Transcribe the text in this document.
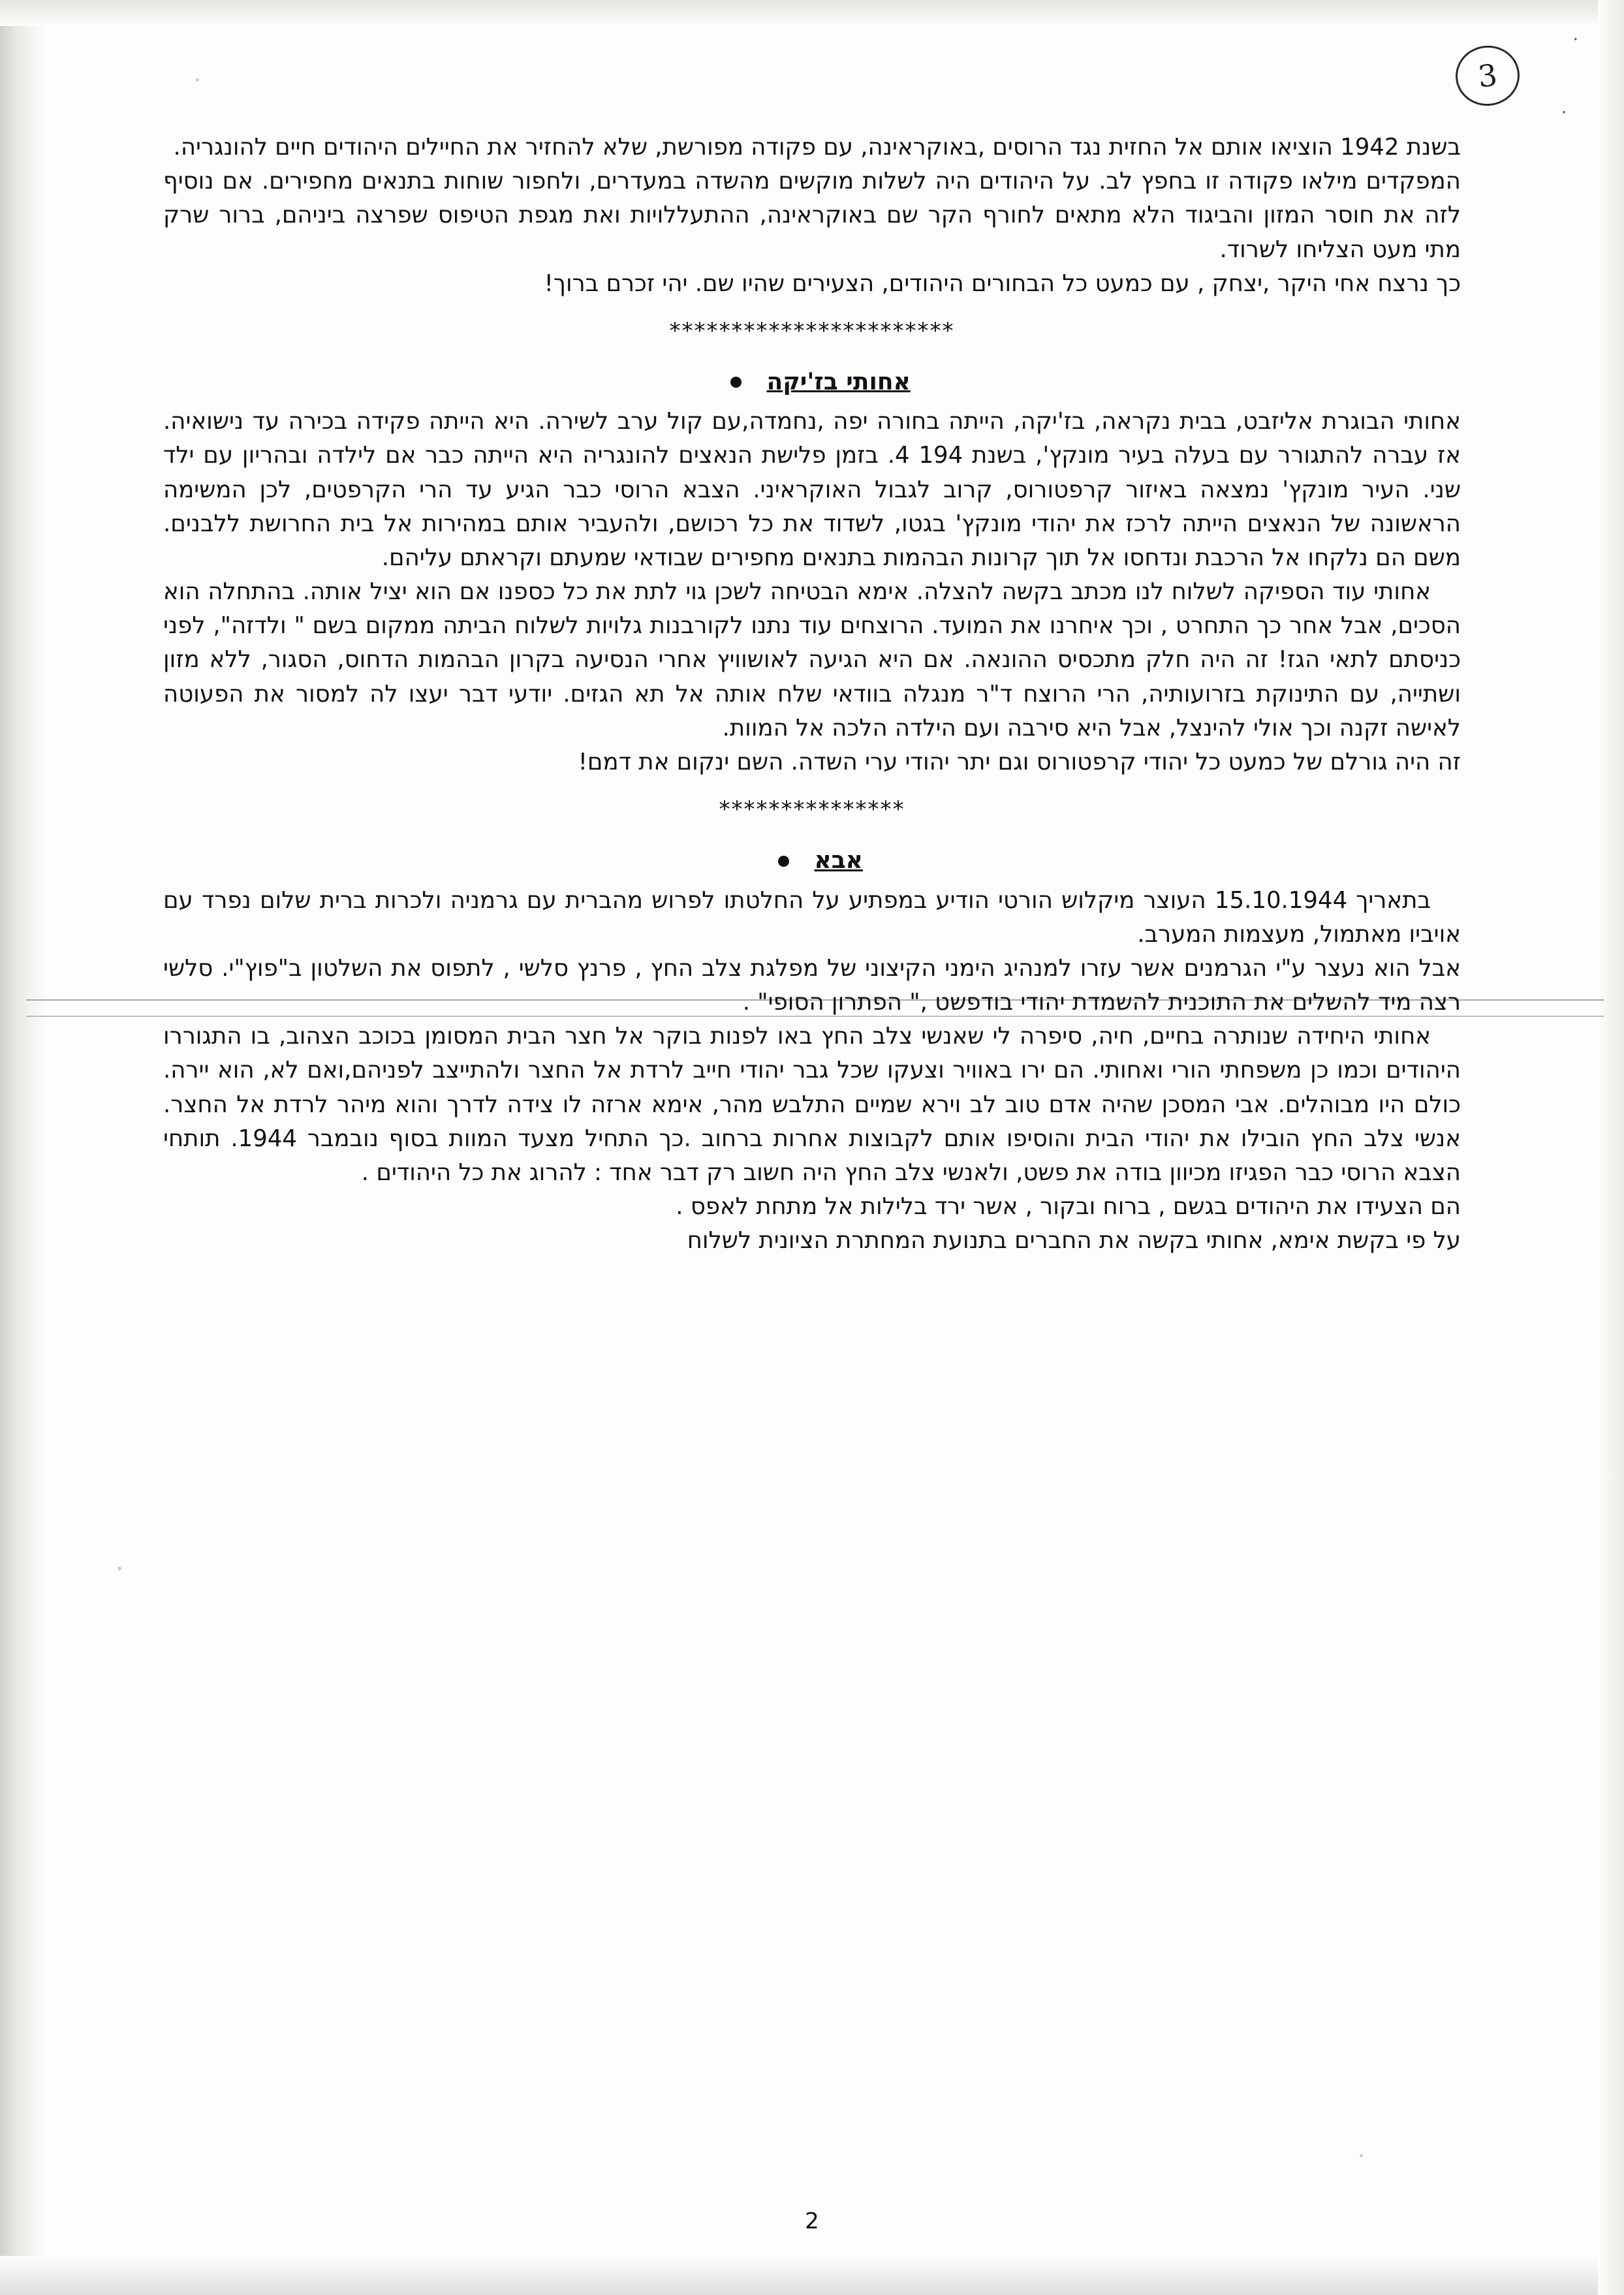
·
·
3

בשנת 1942 הוציאו אותם אל החזית נגד הרוסים ,באוקראינה, עם פקודה מפורשת, שלא להחזיר את החיילים היהודים חיים להונגריה.

המפקדים מילאו פקודה זו בחפץ לב. על היהודים היה לשלות מוקשים מהשדה במעדרים, ולחפור שוחות בתנאים מחפירים. אם נוסיף לזה את חוסר המזון והביגוד הלא מתאים לחורף הקר שם באוקראינה, ההתעללויות ואת מגפת הטיפוס שפרצה ביניהם, ברור שרק מתי מעט הצליחו לשרוד.

כך נרצח אחי היקר ,יצחק , עם כמעט כל הבחורים היהודים, הצעירים שהיו שם. יהי זכרם ברוך!

***********************
אחותי בז'יקה

אחותי הבוגרת אליזבט, בבית נקראה, בז'יקה, הייתה בחורה יפה ,נחמדה,עם קול ערב לשירה. היא הייתה פקידה בכירה עד נישואיה. אז עברה להתגורר עם בעלה בעיר מונקץ', בשנת 194 4. בזמן פלישת הנאצים להונגריה היא הייתה כבר אם לילדה ובהריון עם ילד שני. העיר מונקץ' נמצאה באיזור קרפטורוס, קרוב לגבול האוקראיני. הצבא הרוסי כבר הגיע עד הרי הקרפטים, לכן המשימה הראשונה של הנאצים הייתה לרכז את יהודי מונקץ' בגטו, לשדוד את כל רכושם, ולהעביר אותם במהירות אל בית החרושת ללבנים. משם הם נלקחו אל הרכבת ונדחסו אל תוך קרונות הבהמות בתנאים מחפירים שבודאי שמעתם וקראתם עליהם.

אחותי עוד הספיקה לשלוח לנו מכתב בקשה להצלה. אימא הבטיחה לשכן גוי לתת את כל כספנו אם הוא יציל אותה. בהתחלה הוא הסכים, אבל אחר כך התחרט , וכך איחרנו את המועד. הרוצחים עוד נתנו לקורבנות גלויות לשלוח הביתה ממקום בשם " ולדזה", לפני כניסתם לתאי הגז! זה היה חלק מתכסיס ההונאה. אם היא הגיעה לאושוויץ אחרי הנסיעה בקרון הבהמות הדחוס, הסגור, ללא מזון ושתייה, עם התינוקת בזרועותיה, הרי הרוצח ד"ר מנגלה בוודאי שלח אותה אל תא הגזים. יודעי דבר יעצו לה למסור את הפעוטה לאישה זקנה וכך אולי להינצל, אבל היא סירבה ועם הילדה הלכה אל המוות.

זה היה גורלם של כמעט כל יהודי קרפטורוס וגם יתר יהודי ערי השדה. השם ינקום את דמם!

***************
אבא

בתאריך 15.10.1944 העוצר מיקלוש הורטי הודיע במפתיע על החלטתו לפרוש מהברית עם גרמניה ולכרות ברית שלום נפרד עם אויביו מאתמול, מעצמות המערב.

אבל הוא נעצר ע"י הגרמנים אשר עזרו למנהיג הימני הקיצוני של מפלגת צלב החץ , פרנץ סלשי , לתפוס את השלטון ב"פוץ"י. סלשי רצה מיד להשלים את התוכנית להשמדת יהודי בודפשט ," הפתרון הסופי" .

אחותי היחידה שנותרה בחיים, חיה, סיפרה לי שאנשי צלב החץ באו לפנות בוקר אל חצר הבית המסומן בכוכב הצהוב, בו התגוררו היהודים וכמו כן משפחתי הורי ואחותי. הם ירו באוויר וצעקו שכל גבר יהודי חייב לרדת אל החצר ולהתייצב לפניהם,ואם לא, הוא יירה. כולם היו מבוהלים. אבי המסכן שהיה אדם טוב לב וירא שמיים התלבש מהר, אימא ארזה לו צידה לדרך והוא מיהר לרדת אל החצר. אנשי צלב החץ הובילו את יהודי הבית והוסיפו אותם לקבוצות אחרות ברחוב .כך התחיל מצעד המוות בסוף נובמבר 1944. תותחי הצבא הרוסי כבר הפגיזו מכיוון בודה את פשט, ולאנשי צלב החץ היה חשוב רק דבר אחד : להרוג את כל היהודים .

הם הצעידו את היהודים בגשם , ברוח ובקור , אשר ירד בלילות אל מתחת לאפס .

על פי בקשת אימא, אחותי בקשה את החברים בתנועת המחתרת הציונית לשלוח

2
